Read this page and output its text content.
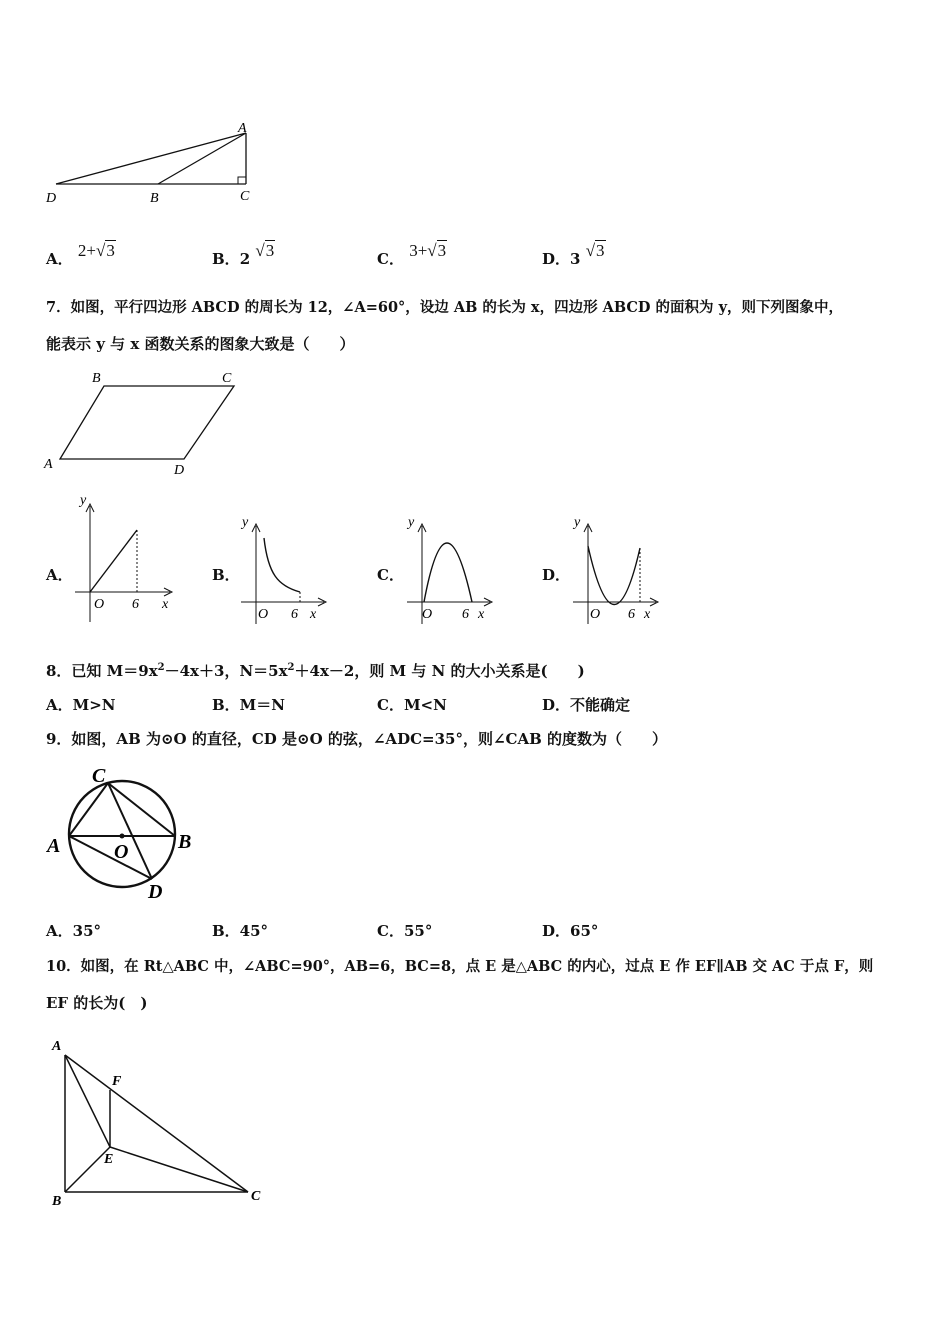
A
D	B	C
A． 2+√3	B．2 √3	C． 3+√3	D．3 √3
7．如图，平行四边形 ABCD 的周长为 12，∠A=60°，设边 AB 的长为 x，四边形 ABCD 的面积为 y，则下列图象中，
能表示 y 与 x 函数关系的图象大致是（　　）
B	C
A	D
A．	B．	C．	D．
y
x
O 6
y
x
O 6
y
x
O 6
y
x
O 6
8．已知 $M=9x^2-4x+3$，$N=5x^2+4x-2$，则 M 与 N 的大小关系是(　　)
A．M>N	B．M＝N	C．M<N	D．不能确定
9．如图，AB 为⊙O 的直径，CD 是⊙O 的弦，∠ADC=35°，则∠CAB 的度数为（　　）
C
A	B
O
D
A．35°	B．45°	C．55°	D．65°
10．如图，在 Rt△ABC 中，∠ABC=90°，AB=6，BC=8，点 E 是△ABC 的内心，过点 E 作 EF∥AB 交 AC 于点 F，则
EF 的长为(　)
A
F
E
B	C
